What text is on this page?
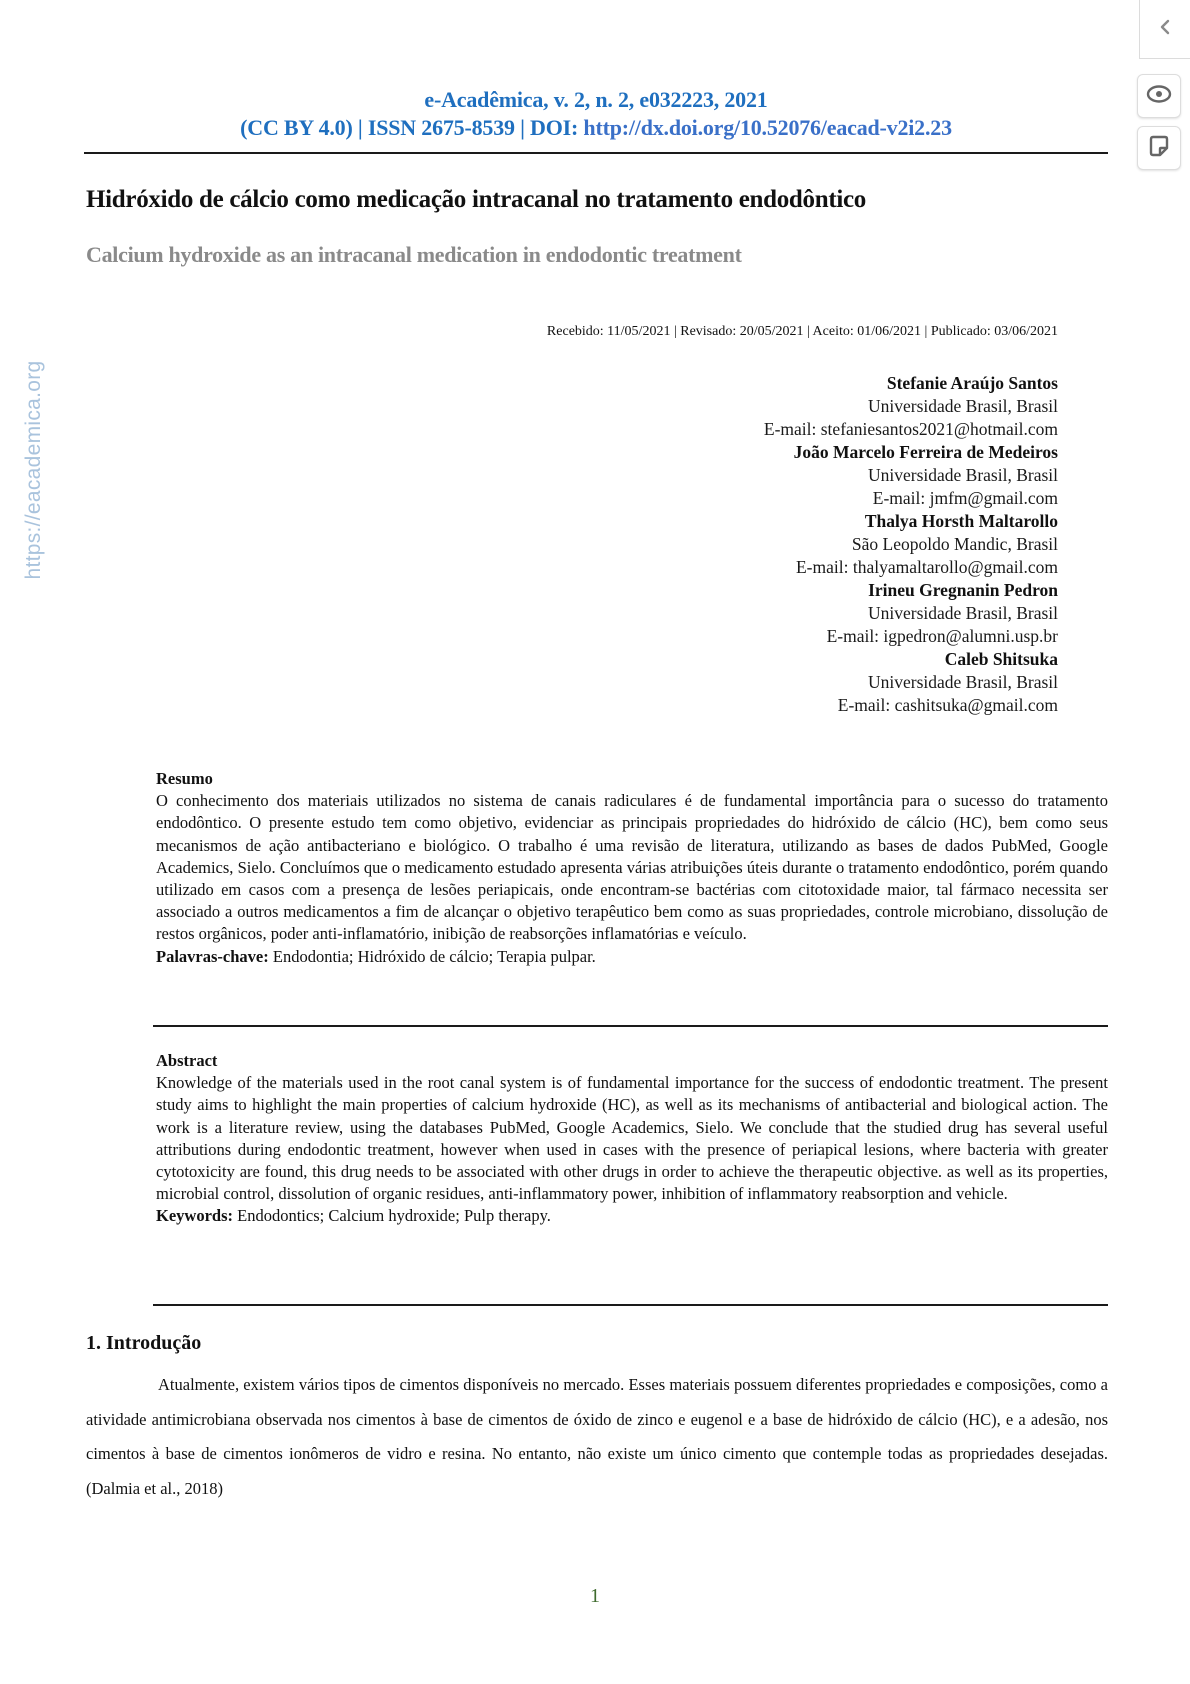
https://eacademica.org
e-Acadêmica, v. 2, n. 2, e032223, 2021
(CC BY 4.0) | ISSN 2675-8539 | DOI: http://dx.doi.org/10.52076/eacad-v2i2.23
Hidróxido de cálcio como medicação intracanal no tratamento endodôntico
Calcium hydroxide as an intracanal medication in endodontic treatment
Recebido: 11/05/2021 | Revisado: 20/05/2021 | Aceito: 01/06/2021 | Publicado: 03/06/2021
Stefanie Araújo Santos
Universidade Brasil, Brasil
E-mail: stefaniesantos2021@hotmail.com
João Marcelo Ferreira de Medeiros
Universidade Brasil, Brasil
E-mail: jmfm@gmail.com
Thalya Horsth Maltarollo
São Leopoldo Mandic, Brasil
E-mail: thalyamaltarollo@gmail.com
Irineu Gregnanin Pedron
Universidade Brasil, Brasil
E-mail: igpedron@alumni.usp.br
Caleb Shitsuka
Universidade Brasil, Brasil
E-mail: cashitsuka@gmail.com
Resumo
O conhecimento dos materiais utilizados no sistema de canais radiculares é de fundamental importância para o sucesso do tratamento endodôntico. O presente estudo tem como objetivo, evidenciar as principais propriedades do hidróxido de cálcio (HC), bem como seus mecanismos de ação antibacteriano e biológico. O trabalho é uma revisão de literatura, utilizando as bases de dados PubMed, Google Academics, Sielo. Concluímos que o medicamento estudado apresenta várias atribuições úteis durante o tratamento endodôntico, porém quando utilizado em casos com a presença de lesões periapicais, onde encontram-se bactérias com citotoxidade maior, tal fármaco necessita ser associado a outros medicamentos a fim de alcançar o objetivo terapêutico bem como as suas propriedades, controle microbiano, dissolução de restos orgânicos, poder anti-inflamatório, inibição de reabsorções inflamatórias e veículo.
Palavras-chave: Endodontia; Hidróxido de cálcio; Terapia pulpar.
Abstract
Knowledge of the materials used in the root canal system is of fundamental importance for the success of endodontic treatment. The present study aims to highlight the main properties of calcium hydroxide (HC), as well as its mechanisms of antibacterial and biological action. The work is a literature review, using the databases PubMed, Google Academics, Sielo. We conclude that the studied drug has several useful attributions during endodontic treatment, however when used in cases with the presence of periapical lesions, where bacteria with greater cytotoxicity are found, this drug needs to be associated with other drugs in order to achieve the therapeutic objective. as well as its properties, microbial control, dissolution of organic residues, anti-inflammatory power, inhibition of inflammatory reabsorption and vehicle.
Keywords: Endodontics; Calcium hydroxide; Pulp therapy.
1. Introdução
Atualmente, existem vários tipos de cimentos disponíveis no mercado. Esses materiais possuem diferentes propriedades e composições, como a atividade antimicrobiana observada nos cimentos à base de cimentos de óxido de zinco e eugenol e a base de hidróxido de cálcio (HC), e a adesão, nos cimentos à base de cimentos ionômeros de vidro e resina. No entanto, não existe um único cimento que contemple todas as propriedades desejadas. (Dalmia et al., 2018)
1
